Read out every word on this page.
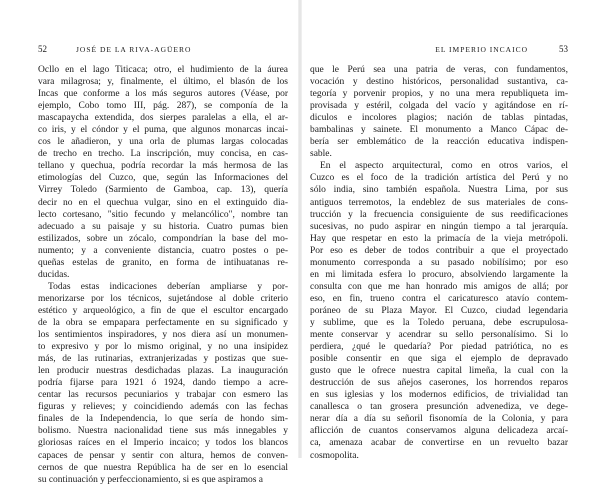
52	JOSÉ DE LA RIVA-AGÜERO
Ocllo en el lago Titicaca; otro, el hudimiento de la áurea
vara milagrosa; y, finalmente, el último, el blasón de los
Incas que conforme a los más seguros autores (Véase, por
ejemplo, Cobo tomo III, pág. 287), se componía de la
mascapaycha extendida, dos sierpes paralelas a ella, el ar-
co iris, y el cóndor y el puma, que algunos monarcas incai-
cos le añadieron, y una orla de plumas largas colocadas
de trecho en trecho. La inscripción, muy concisa, en cas-
tellano y quechua, podría recordar la más hermosa de las
etimologías del Cuzco, que, según las Informaciones del
Virrey Toledo (Sarmiento de Gamboa, cap. 13), quería
decir no en el quechua vulgar, sino en el extinguido dia-
lecto cortesano, "sitio fecundo y melancólico", nombre tan
adecuado a su paisaje y su historia. Cuatro pumas bien
estilizados, sobre un zócalo, compondrían la base del mo-
numento; y a conveniente distancia, cuatro postes o pe-
queñas estelas de granito, en forma de intihuatanas re-
ducidas.
Todas estas indicaciones deberían ampliarse y por-
menorizarse por los técnicos, sujetándose al doble criterio
estético y arqueológico, a fin de que el escultor encargado
de la obra se empapara perfectamente en su significado y
los sentimientos inspiradores, y nos diera así un monumen-
to expresivo y por lo mismo original, y no una insipidez
más, de las rutinarias, extranjerizadas y postizas que sue-
len producir nuestras desdichadas plazas. La inauguración
podría fijarse para 1921 ó 1924, dando tiempo a acre-
centar las recursos pecuniarios y trabajar con esmero las
figuras y relieves; y coincidiendo además con las fechas
finales de la Independencia, lo que sería de hondo sim-
bolismo. Nuestra nacionalidad tiene sus más innegables y
gloriosas raíces en el Imperio incaico; y todos los blancos
capaces de pensar y sentir con altura, hemos de conven-
cernos de que nuestra República ha de ser en lo esencial
su continuación y perfeccionamiento, si es que aspiramos a
EL IMPERIO INCAICO	53
que le Perú sea una patria de veras, con fundamentos,
vocación y destino históricos, personalidad sustantiva, ca-
tegoría y porvenir propios, y no una mera republiqueta im-
provisada y estéril, colgada del vacío y agitándose en rí-
diculos e incolores plagios; nación de tablas pintadas,
bambalinas y sainete. El monumento a Manco Cápac de-
bería ser emblemático de la reacción educativa indispen-
sable.
En el aspecto arquitectural, como en otros varios, el
Cuzco es el foco de la tradición artística del Perú y no
sólo india, sino también española. Nuestra Lima, por sus
antiguos terremotos, la endeblez de sus materiales de cons-
trucción y la frecuencia consiguiente de sus reedificaciones
sucesivas, no pudo aspirar en ningún tiempo a tal jerarquía.
Hay que respetar en esto la primacía de la vieja metrópoli.
Por eso es deber de todos contribuir a que el proyectado
monumento corresponda a su pasado nobilísimo; por eso
en mi limitada esfera lo procuro, absolviendo largamente la
consulta con que me han honrado mis amigos de allá; por
eso, en fin, trueno contra el caricaturesco atavío contem-
poráneo de su Plaza Mayor. El Cuzco, ciudad legendaria
y sublime, que es la Toledo peruana, debe escrupulosa-
mente conservar y acendrar su sello personalísimo. Si lo
perdiera, ¿qué le quedaría? Por piedad patriótica, no es
posible consentir en que siga el ejemplo de depravado
gusto que le ofrece nuestra capital limeña, la cual con la
destrucción de sus añejos caserones, los horrendos reparos
en sus iglesias y los modernos edificios, de trivialidad tan
canallesca o tan grosera presunción advenediza, ve dege-
nerar día a día su señoril fisonomía de la Colonia, y para
aflicción de cuantos conservamos alguna delicadeza arcaí-
ca, amenaza acabar de convertirse en un revuelto bazar
cosmopolita.
